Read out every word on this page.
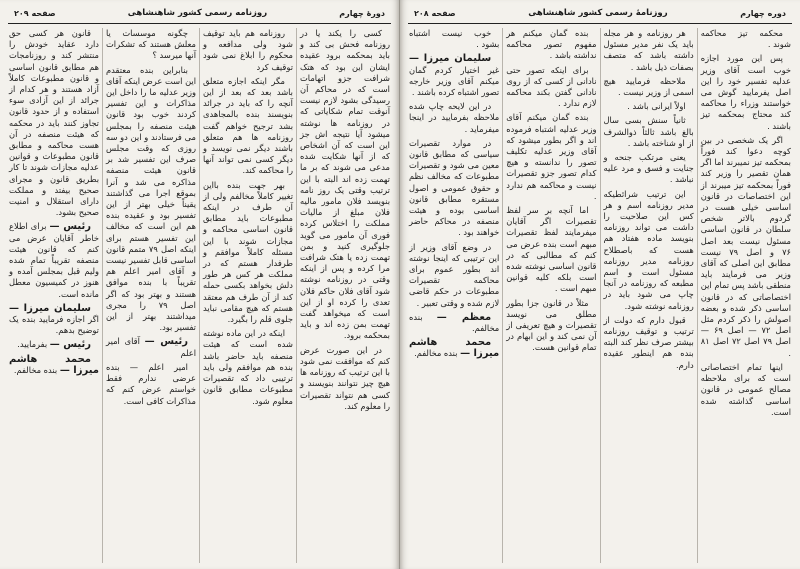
دورهٔ چهارم
روزنامه رسمی کشور شاهنشاهی
صفحه ۲۰۹

کسی را یکند یا در روزنامه فحش بی کند و باید بمحکمه برود عقیده ایشان این بود که هتک شرافت جزو اتهامات است که در محاکم آن رسیدگی بشود لازم نیست آنوقت تمام شکایاتی که در روزنامه ها نوشته میشود آیا نتیجه اش جز این است که آن اشخاص که از آنها شکایت شده مدعی می شوند که بر ما تهمت زده اند البته با این ترتیب وقتی یک روز نامه بنویسد فلان مامور مالیه فلان مبلغ از مالیات مملکت را اختلاس کرده فوری آن مامور می گوید جلوگیری کنید و بمن تهمت زده یا هتک شرافت مرا کرده و پس از اینکه وقتی در روزنامه نوشته شود آقای فلان حاکم فلان تعدی را کرده او از این است که میخواهد گفت تهمت بمن زده اند و باید بمحکمه برود.

در این صورت عرض کنم که موافقت نمی شود با این ترتیب که روزنامه ها هیچ چیز نتوانند بنویسند و کسی هم نتواند تقصیرات را معلوم کند.

روزنامه هم باید توقیف شود ولی مدافعه و محکوم را ابلاغ نمی شود توقیف کرد

مگر اینکه اجازه متعلق باشد بعد که بعد از این آنچه را که باید در جرائد بنویسند بنده بالمجاهدی بشد ترجیح خواهم گفت روزنامه ها هم متعلق باشند دیگر نمی نویسد و دیگر کسی نمی تواند آنها را محاکمه کند.

بهر جهت بنده بااین تغییر کاملاً مخالفم ولی از آن طرف در اینکه مطبوعات باید مطابق قانون اساسی محاکمه و مجازات شوند با این مسئله کاملاً موافقم و طرفدار هستم که در مملکت هر کس هر طور دلش بخواهد بکسی حمله کند از آن طرف هم معتقد هستم که هیچ مقامی نباید جلوی قلم را بگیرد.

اینکه در این ماده نوشته شده است که هیئت منصفه باید حاضر باشد بنده هم موافقم ولی باید ترتیبی داد که تقصیرات مطبوعات مطابق قانون معلوم شود.

چگونه موسسات یا معلش هستند که تشکرات آنها میرسد ؟

بنابراین بنده معتقدم این است عرض اینکه آقای وزیر عدلیه ما را داخل این مذاکرات و این تفسیر کردند خوب بود قانون هیئت منصفه را بمجلس می فرستادند و این دو سه روزی که وقت مجلس صرف این تفسیر شد بر قانون هیئت منصفه مذاکره می شد و آنرا بموقع اجرا می گذاشتند یقیناً خیلی بهتر از این تفسیر بود و عقیده بنده هم این است که مخالف این تفسیر هستم برای اینکه اصل ۷۹ متمم قانون اساسی قابل تفسیر نیست و آقای امیر اعلم هم تقریباً با بنده موافق هستند و بهتر بود که اگر اصل ۷۹ را مجری میداشتند بهتر از این تفسیر بود.

رئیس — آقای امیر اعلم

امیر اعلم — بنده عرضی ندارم فقط خواستم عرض کنم که مذاکرات کافی است.

قانون هر کسی حق دارد عقاید خودش را منتشر کند و روزنامجات هم مطابق قانون اساسی و قانون مطبوعات کاملاً آزاد هستند و هر کدام از جرائد از این آزادی سوء استفاده و از حدود قانون تجاوز کنند باید در محکمه که هیئت منصفه در آن هست محاکمه و مطابق قانون مطبوعات و قوانین عدلیه مجازات شوند تا کار بطریق قانون و مجرای صحیح بیفتد و مملکت دارای استقلال و امنیت صحیح بشود.

رئیس — برای اطلاع خاطر آقایان عرض می کنم که قانون هیئت منصفه تقریباً تمام شده ولیم قبل بمجلس آمده و هنوز در کمیسیون معطل مانده است.

سلیمان میرزا — اگر اجازه فرمایید بنده یک توضیح بدهم.

رئیس — بفرمایید.

محمد هاشم میرزا — بنده مخالفم.

دوره چهارم
روزنامهٔ رسمی کشور شاهنشاهی
صفحه ۲۰۸

محکمه تیز محاکمه شوند .

پس این مورد اجازه خوب است آقای وزیر عدلیه تفسیر خود را این اصل یفرمایید گوش می خواستند وزراء را محاکمه کند محتاج بمحکمه تیز باشند .

اگر یک شخصی در بین کوچه دعوا کند فوراً بمحکمه تیز نمیبرند اما اگر همان تقصیر را وزیر کند فوراً بمحکمه تیز میبرند از این اختصاصات در قانون اساسی خیلی هست در گردوم بالاتر شخص سلطان در قانون اساسی مسئول نیست بعد اصل ۷۶ و اصل ۷۹ نیست مطابق این اصلی که آقای وزیر می فرمایند باید منطقی باشد پس تمام این اختصاصاتی که در قانون اساسی ذکر شده و بعضه اصولش را ذکر کردم مثل اصل ۷۲ — اصل ۶۹ — اصل ۷۹ اصل ۷۲ اصل ۸۱ .

اینها تمام اختصاصاتی است که برای ملاحظه مصالح عمومی در قانون اساسی گذاشته شده است.

هر روزنامه و هر مجله باید یک نفر مدیر مسئول داشته باشد که متصف بصفات ذیل باشد .

ملاحظه فرمایید هیچ اسمی از وزیر نیست .

اولاً ایرانی باشد .

ثانیاً سنش بسی سال بالغ باشد ثالثاً ذوالشرف از او شناخته باشد .

یعنی مرتکب جنحه و جنایت و فسق و مرد علیه نباشد .

این ترتیب شرائطیکه مدیر روزنامه اسم و هر کس این صلاحیت را داشت می تواند روزنامه بنویسد ماده هفتاد هم هست که باصطلاح روزنامه مدیر روزنامه مسئول است و اسم مطبعه که روزنامه در آنجا چاپ می شود باید در روزنامه نوشته شود.

قبول دارم که دولت از ترتیب و توقیف روزنامه بیشتر صرف نظر کند البته بنده هم اینطور عقیده دارم.

بنده گمان میکنم هر مفهوم تصور محاکمه نداشته باشد .

برای اینکه تصور حتی نادانی از کسی که از روی نادانی گفتن بکند محاکمه لازم ندارد .

بنده گمان میکنم آقای وزیر عدلیه اشتباه فرموده اند و اگر بطور میشود که آقای وزیر عدلیه تکلیف تصور را ندانسته و هیچ کدام تصور جزو تقصیرات نیست و محاکمه هم ندارد .

اما آنچه بر سر لفظ تقصیرات اگر آقایان میفرمایند لفظ تقصیرات مبهم است بنده عرض می کنم که مطالبی که در قانون اساسی نوشته شده است بلکه کلیه قوانین مبهم است .

مثلاً در قانون جزا بطور مطلق می نویسد تقصیرات و هیچ تعریفی از آن نمی کند و این ابهام در تمام قوانین هست.

خوب نیست اشتباه بشود .

سلیمان میرزا — غیر اختیار کردم گمان میکنم آقای وزیر خارجه تصور اشتباه کرده باشند .

در این لایحه چاپ شده ملاحظه بفرمایید در اینجا میفرماید .

در موارد تقصیرات سیاسی که مطابق قانون معین می شود و تقصیرات مطبوعات که مخالف نظم و حقوق عمومی و اصول مستقره مطابق قانون اساسی بوده و هیئت منصفه در محاکم حاضر خواهند بود .

در وضع آقای وزیر از این ترتیبی که اینجا نوشته اند بطور عموم برای محاکمه تقصیرات مطبوعات در حکم قاضی لازم شده و وقتی تعبیر .

معظم — بنده مخالفم.

محمد هاشم میرزا — بنده مخالفم.
